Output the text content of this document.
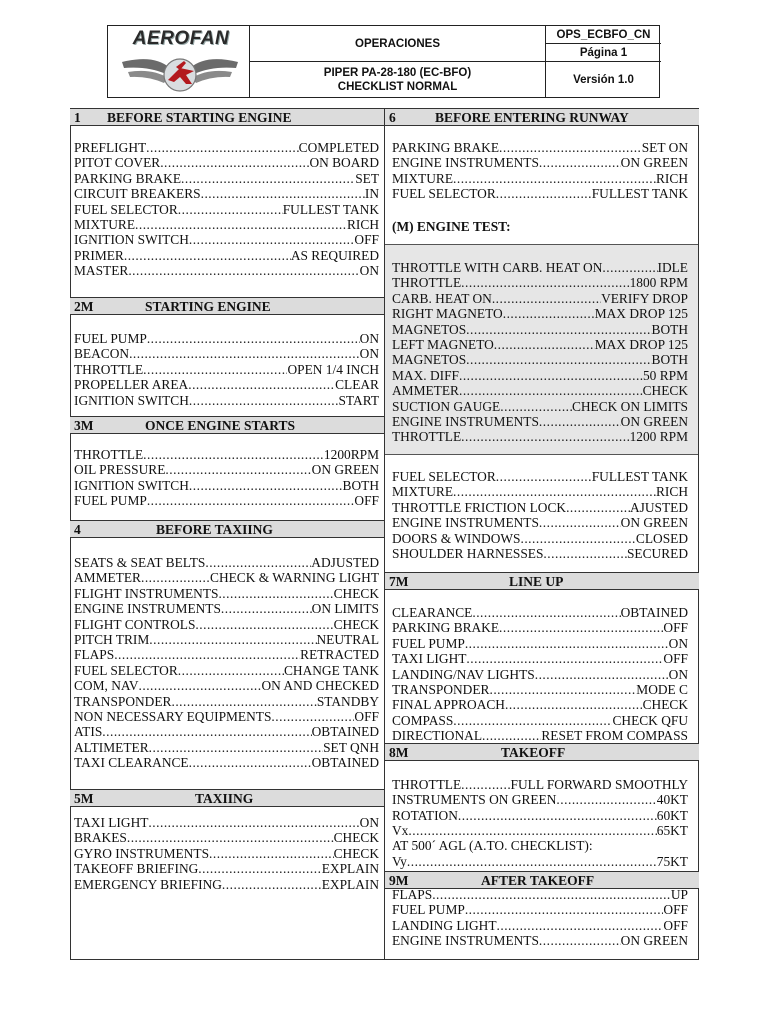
AEROFAN	OPERACIONES
PIPER PA-28-180 (EC-BFO)
CHECKLIST NORMAL
OPS_ECBFO_CN
Página 1
Versión 1.0
1 BEFORE STARTING ENGINE
PREFLIGHT .....	COMPLETED
PITOT COVER .....	ON BOARD
PARKING BRAKE .....	SET
CIRCUIT BREAKERS .....	IN
FUEL SELECTOR .....	FULLEST TANK
MIXTURE .....	RICH
IGNITION SWITCH .....	OFF
PRIMER .....	AS REQUIRED
MASTER .....	ON
2M	STARTING ENGINE
FUEL PUMP .....	ON
BEACON .....	ON
THROTTLE .....	OPEN 1/4 INCH
PROPELLER AREA .....	CLEAR
IGNITION SWITCH .....	START
3M	ONCE ENGINE STARTS
THROTTLE .....	1200RPM
OIL PRESSURE .....	ON GREEN
IGNITION SWITCH .....	BOTH
FUEL PUMP .....	OFF
4	BEFORE TAXIING
SEATS & SEAT BELTS .....	ADJUSTED
AMMETER .....	CHECK & WARNING LIGHT
FLIGHT INSTRUMENTS .....	CHECK
ENGINE INSTRUMENTS .....	ON LIMITS
FLIGHT CONTROLS .....	CHECK
PITCH TRIM .....	NEUTRAL
FLAPS .....	RETRACTED
FUEL SELECTOR .....	CHANGE TANK
COM, NAV .....	ON AND CHECKED
TRANSPONDER .....	STANDBY
NON NECESSARY EQUIPMENTS .....	OFF
ATIS .....	OBTAINED
ALTIMETER .....	SET QNH
TAXI CLEARANCE .....	OBTAINED
5M	TAXIING
TAXI LIGHT .....	ON
BRAKES .....	CHECK
GYRO INSTRUMENTS .....	CHECK
TAKEOFF BRIEFING .....	EXPLAIN
EMERGENCY BRIEFING .....	EXPLAIN
6	BEFORE ENTERING RUNWAY
PARKING BRAKE .....	SET ON
ENGINE INSTRUMENTS .....	ON GREEN
MIXTURE .....	RICH
FUEL SELECTOR .....	FULLEST TANK
(M) ENGINE TEST:
THROTTLE WITH CARB. HEAT ON .....	IDLE
THROTTLE .....	1800 RPM
CARB. HEAT ON .....	VERIFY DROP
RIGHT MAGNETO .....	MAX DROP 125
MAGNETOS .....	BOTH
LEFT MAGNETO .....	MAX DROP 125
MAGNETOS .....	BOTH
MAX. DIFF .....	50 RPM
AMMETER .....	CHECK
SUCTION GAUGE .....	CHECK ON LIMITS
ENGINE INSTRUMENTS .....	ON GREEN
THROTTLE .....	1200 RPM
FUEL SELECTOR .....	FULLEST TANK
MIXTURE .....	RICH
THROTTLE FRICTION LOCK .....	AJUSTED
ENGINE INSTRUMENTS .....	ON GREEN
DOORS & WINDOWS .....	CLOSED
SHOULDER HARNESSES .....	SECURED
7M	LINE UP
CLEARANCE .....	OBTAINED
PARKING BRAKE .....	OFF
FUEL PUMP .....	ON
TAXI LIGHT .....	OFF
LANDING/NAV LIGHTS .....	ON
TRANSPONDER .....	MODE C
FINAL APPROACH .....	CHECK
COMPASS .....	CHECK QFU
DIRECTIONAL .....	RESET FROM COMPASS
8M	TAKEOFF
THROTTLE .....	FULL FORWARD SMOOTHLY
INSTRUMENTS ON GREEN .....	40KT
ROTATION .....	60KT
Vx .....	65KT
AT 500´ AGL (A.TO. CHECKLIST):
Vy .....	75KT
9M	AFTER TAKEOFF
FLAPS .....	UP
FUEL PUMP .....	OFF
LANDING LIGHT .....	OFF
ENGINE INSTRUMENTS .....	ON GREEN
